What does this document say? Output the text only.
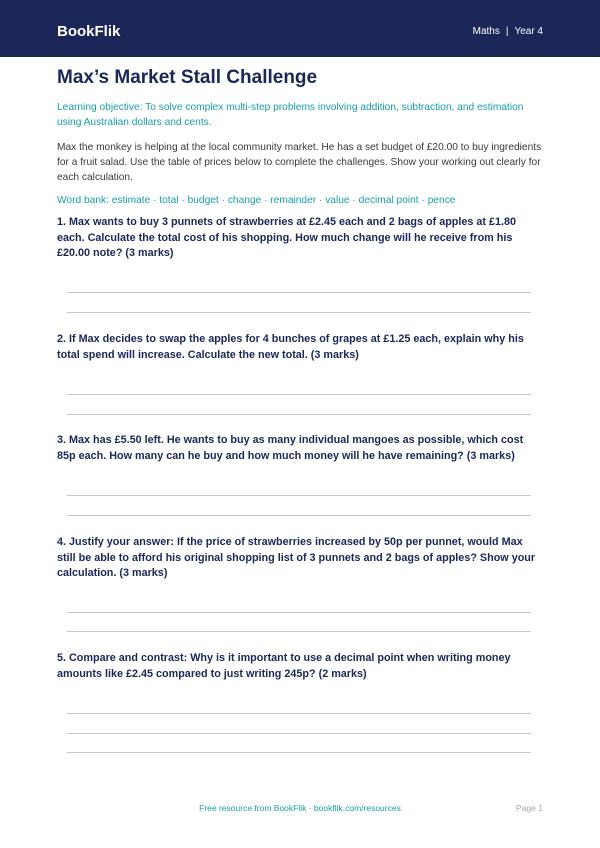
BookFlik	Maths | Year 4
Max’s Market Stall Challenge

Learning objective: To solve complex multi-step problems involving addition, subtraction, and estimation using Australian dollars and cents.

Max the monkey is helping at the local community market. He has a set budget of £20.00 to buy ingredients for a fruit salad. Use the table of prices below to complete the challenges. Show your working out clearly for each calculation.

Word bank: estimate · total · budget · change · remainder · value · decimal point · pence

1. Max wants to buy 3 punnets of strawberries at £2.45 each and 2 bags of apples at £1.80 each. Calculate the total cost of his shopping. How much change will he receive from his £20.00 note? (3 marks)

2. If Max decides to swap the apples for 4 bunches of grapes at £1.25 each, explain why his total spend will increase. Calculate the new total. (3 marks)

3. Max has £5.50 left. He wants to buy as many individual mangoes as possible, which cost 85p each. How many can he buy and how much money will he have remaining? (3 marks)

4. Justify your answer: If the price of strawberries increased by 50p per punnet, would Max still be able to afford his original shopping list of 3 punnets and 2 bags of apples? Show your calculation. (3 marks)

5. Compare and contrast: Why is it important to use a decimal point when writing money amounts like £2.45 compared to just writing 245p? (2 marks)

Free resource from BookFlik · bookflik.com/resources	Page 1
